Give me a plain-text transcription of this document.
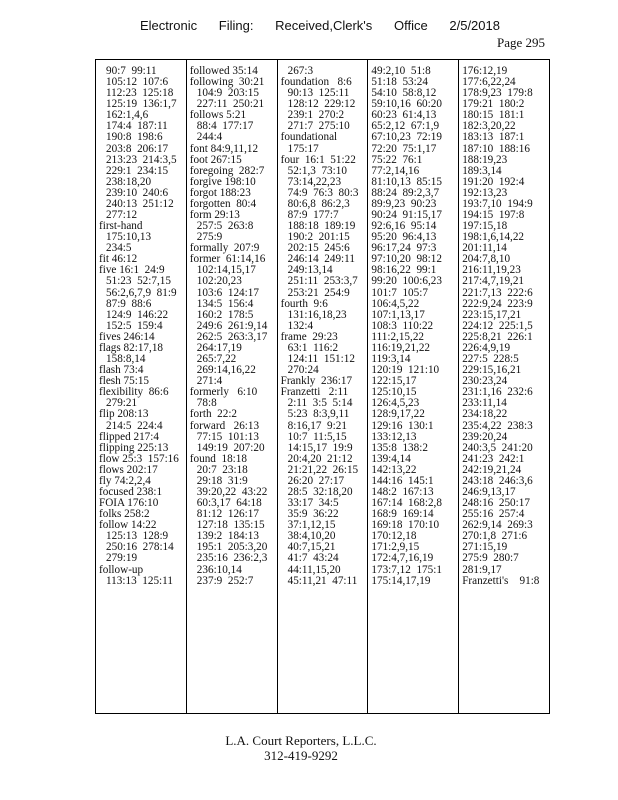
Electronic Filing: Received,Clerk's Office 2/5/2018
Page 295
90:7  99:11
105:12  107:6
112:23  125:18
125:19  136:1,7
162:1,4,6
174:4  187:11
190:8  198:6
203:8  206:17
213:23  214:3,5
229:1  234:15
238:18,20
239:10  240:6
240:13  251:12
277:12
first-hand
175:10,13
234:5
fit 46:12
five 16:1  24:9
51:23  52:7,15
56:2,6,7,9  81:9
87:9  88:6
124:9  146:22
152:5  159:4
fives 246:14
flags 82:17,18
158:8,14
flash 73:4
flesh 75:15
flexibility  86:6
279:21
flip 208:13
214:5  224:4
flipped 217:4
flipping 225:13
flow 25:3  157:16
flows 202:17
fly 74:2,2,4
focused 238:1
FOIA 176:10
folks 258:2
follow 14:22
125:13  128:9
250:16  278:14
279:19
follow-up
113:13  125:11
followed 35:14
following  30:21
104:9  203:15
227:11  250:21
follows 5:21
88:4  177:17
244:4
font 84:9,11,12
foot 267:15
foregoing  282:7
forgive 198:10
forgot 188:23
forgotten  80:4
form 29:13
257:5  263:8
275:9
formally  207:9
former  61:14,16
102:14,15,17
102:20,23
103:6  124:17
134:5  156:4
160:2  178:5
249:6  261:9,14
262:5  263:3,17
264:17,19
265:7,22
269:14,16,22
271:4
formerly   6:10
78:8
forth  22:2
forward   26:13
77:15  101:13
149:19  207:20
found  18:18
20:7  23:18
29:18  31:9
39:20,22  43:22
60:3,17  64:18
81:12  126:17
127:18  135:15
139:2  184:13
195:1  205:3,20
235:16  236:2,3
236:10,14
237:9  252:7
267:3
foundation   8:6
90:13  125:11
128:12  229:12
239:1  270:2
271:7  275:10
foundational
175:17
four  16:1  51:22
52:1,3  73:10
73:14,22,23
74:9  76:3  80:3
80:6,8  86:2,3
87:9  177:7
188:18  189:19
190:2  201:15
202:15  245:6
246:14  249:11
249:13,14
251:11  253:3,7
253:21  254:9
fourth  9:6
131:16,18,23
132:4
frame  29:23
63:1  116:2
124:11  151:12
270:24
Frankly  236:17
Franzetti   2:11
2:11  3:5  5:14
5:23  8:3,9,11
8:16,17  9:21
10:7  11:5,15
14:15,17  19:9
20:4,20  21:12
21:21,22  26:15
26:20  27:17
28:5  32:18,20
33:17  34:5
35:9  36:22
37:1,12,15
38:4,10,20
40:7,15,21
41:7  43:24
44:11,15,20
45:11,21  47:11
49:2,10  51:8
51:18  53:24
54:10  58:8,12
59:10,16  60:20
60:23  61:4,13
65:2,12  67:1,9
67:10,23  72:19
72:20  75:1,17
75:22  76:1
77:2,14,16
81:10,13  85:15
88:24  89:2,3,7
89:9,23  90:23
90:24  91:15,17
92:6,16  95:14
95:20  96:4,13
96:17,24  97:3
97:10,20  98:12
98:16,22  99:1
99:20  100:6,23
101:7  105:7
106:4,5,22
107:1,13,17
108:3  110:22
111:2,15,22
116:19,21,22
119:3,14
120:19  121:10
122:15,17
125:10,15
126:4,5,23
128:9,17,22
129:16  130:1
133:12,13
135:8  138:2
139:4,14
142:13,22
144:16  145:1
148:2  167:13
167:14  168:2,8
168:9  169:14
169:18  170:10
170:12,18
171:2,9,15
172:4,7,16,19
173:7,12  175:1
175:14,17,19
176:12,19
177:6,22,24
178:9,23  179:8
179:21  180:2
180:15  181:1
182:3,20,22
183:13  187:1
187:10  188:16
188:19,23
189:3,14
191:20  192:4
192:13,23
193:7,10  194:9
194:15  197:8
197:15,18
198:1,6,14,22
201:11,14
204:7,8,10
216:11,19,23
217:4,7,19,21
221:7,13  222:6
222:9,24  223:9
223:15,17,21
224:12  225:1,5
225:8,21  226:1
226:4,9,19
227:5  228:5
229:15,16,21
230:23,24
231:1,16  232:6
233:11,14
234:18,22
235:4,22  238:3
239:20,24
240:3,5  241:20
241:23  242:1
242:19,21,24
243:18  246:3,6
246:9,13,17
248:16  250:17
255:16  257:4
262:9,14  269:3
270:1,8  271:6
271:15,19
275:9  280:7
281:9,17
Franzetti's    91:8
L.A. Court Reporters, L.L.C.
312-419-9292
